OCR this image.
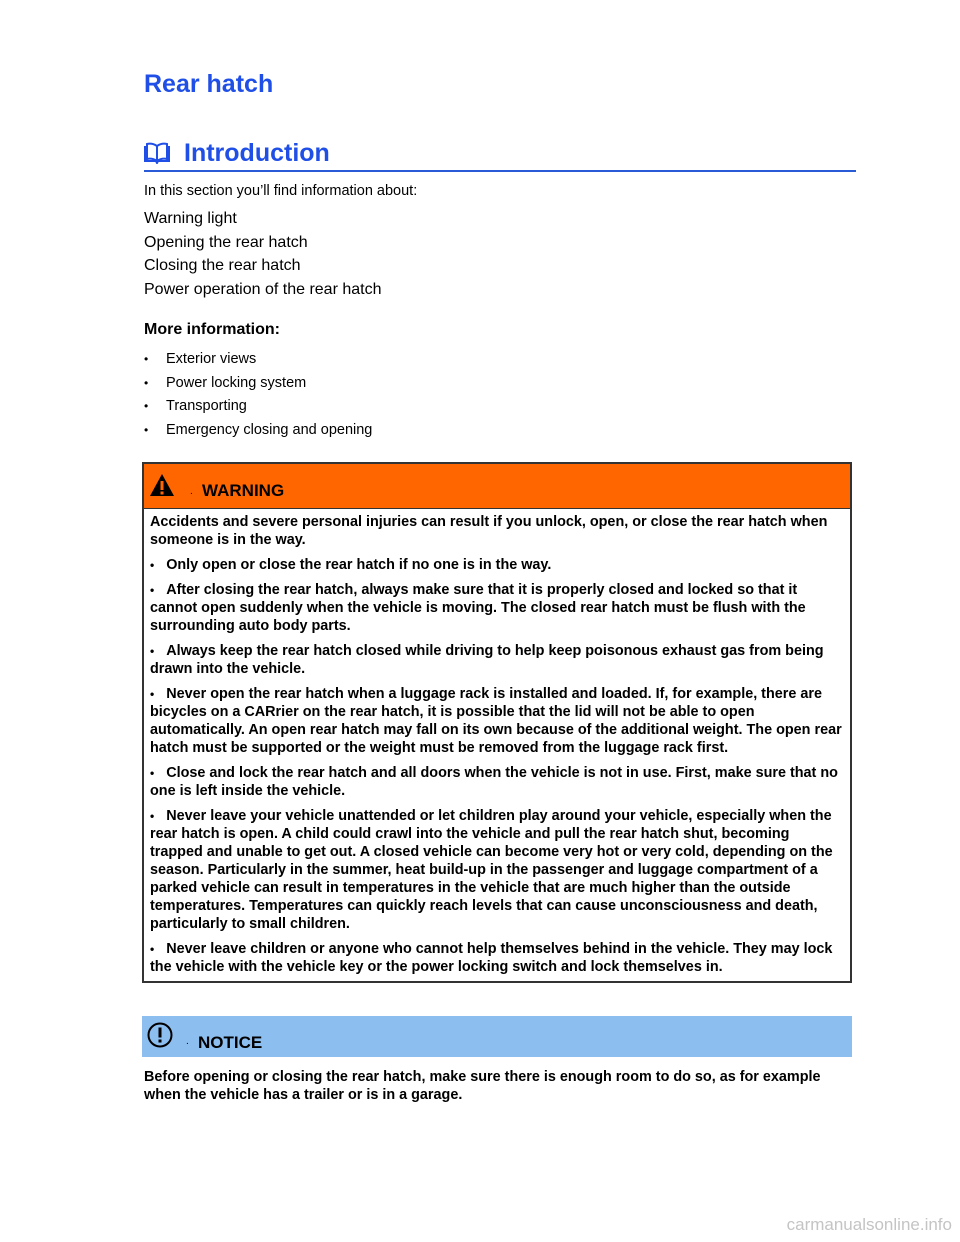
Rear hatch
Introduction
In this section you’ll find information about:
Warning light
Opening the rear hatch
Closing the rear hatch
Power operation of the rear hatch
More information:
• Exterior views
• Power locking system
• Transporting
• Emergency closing and opening
. WARNING

Accidents and severe personal injuries can result if you unlock, open, or close the rear hatch when someone is in the way.

• Only open or close the rear hatch if no one is in the way.

• After closing the rear hatch, always make sure that it is properly closed and locked so that it cannot open suddenly when the vehicle is moving. The closed rear hatch must be flush with the surrounding auto body parts.

• Always keep the rear hatch closed while driving to help keep poisonous exhaust gas from being drawn into the vehicle.

• Never open the rear hatch when a luggage rack is installed and loaded. If, for example, there are bicycles on a CARrier on the rear hatch, it is possible that the lid will not be able to open automatically. An open rear hatch may fall on its own because of the additional weight. The open rear hatch must be supported or the weight must be removed from the luggage rack first.

• Close and lock the rear hatch and all doors when the vehicle is not in use. First, make sure that no one is left inside the vehicle.

• Never leave your vehicle unattended or let children play around your vehicle, especially when the rear hatch is open. A child could crawl into the vehicle and pull the rear hatch shut, becoming trapped and unable to get out. A closed vehicle can become very hot or very cold, depending on the season. Particularly in the summer, heat build-up in the passenger and luggage compartment of a parked vehicle can result in temperatures in the vehicle that are much higher than the outside temperatures. Temperatures can quickly reach levels that can cause unconsciousness and death, particularly to small children.

• Never leave children or anyone who cannot help themselves behind in the vehicle. They may lock the vehicle with the vehicle key or the power locking switch and lock themselves in.

. NOTICE

Before opening or closing the rear hatch, make sure there is enough room to do so, as for example when the vehicle has a trailer or is in a garage.

carmanualsonline.info
